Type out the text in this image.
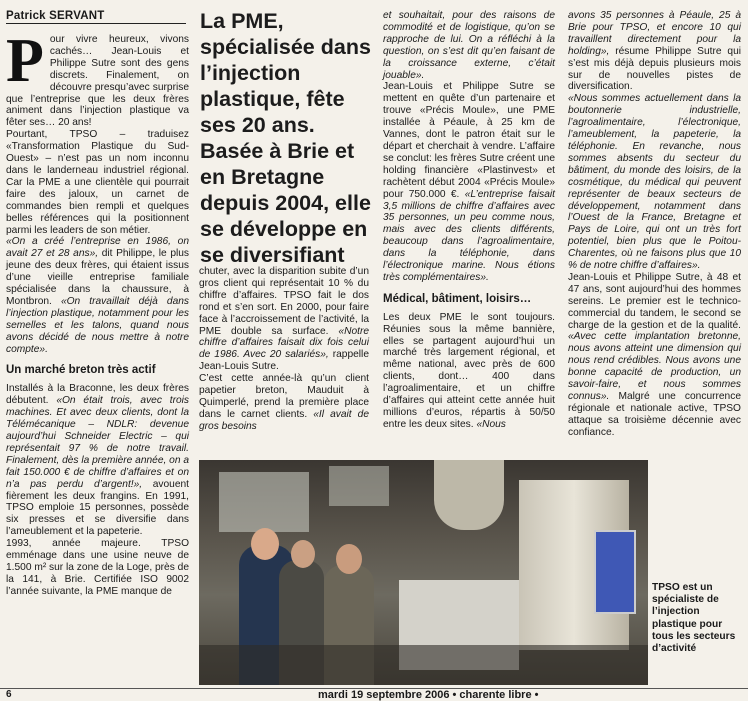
Patrick SERVANT	La PME, spécialisée dans l’injection plastique, fête ses 20 ans. Basée à Brie et en Bretagne depuis 2004, elle se développe en se diversifiant
P our vivre heureux, vivons cachés… Jean-Louis et Philippe Sutre sont des gens discrets. Finalement, on découvre presqu’avec surprise que l’entreprise que les deux frères animent dans l’injection plastique va fêter ses… 20 ans!

Pourtant, TPSO – traduisez «Transformation Plastique du Sud-Ouest» – n’est pas un nom inconnu dans le landerneau industriel régional. Car la PME a une clientèle qui pourrait faire des jaloux, un carnet de commandes bien rempli et quelques belles références qui la positionnent parmi les leaders de son métier.

«On a créé l’entreprise en 1986, on avait 27 et 28 ans», dit Philippe, le plus jeune des deux frères, qui étaient issus d’une vieille entreprise familiale spécialisée dans la chaussure, à Montbron. «On travaillait déjà dans l’injection plastique, notamment pour les semelles et les talons, quand nous avons décidé de nous mettre à notre compte».

Un marché breton très actif

Installés à la Braconne, les deux frères débutent. «On était trois, avec trois machines. Et avec deux clients, dont la Télémécanique – NDLR: devenue aujourd’hui Schneider Electric – qui représentait 97 % de notre travail. Finalement, dès la première année, on a fait 150.000 € de chiffre d’affaires et on n’a pas perdu d’argent!», avouent fièrement les deux frangins. En 1991, TPSO emploie 15 personnes, possède six presses et se diversifie dans l’ameublement et la papeterie.

1993, année majeure. TPSO emménage dans une usine neuve de 1.500 m² sur la zone de la Loge, près de la 141, à Brie. Certifiée ISO 9002 l’année suivante, la PME manque de

chuter, avec la disparition subite d’un gros client qui représentait 10 % du chiffre d’affaires. TPSO fait le dos rond et s’en sort. En 2000, pour faire face à l’accroissement de l’activité, la PME double sa surface. «Notre chiffre d’affaires faisait dix fois celui de 1986. Avec 20 salariés», rappelle Jean-Louis Sutre.

C’est cette année-là qu’un client papetier breton, Mauduit à Quimperlé, prend la première place dans le carnet clients. «Il avait de gros besoins

et souhaitait, pour des raisons de commodité et de logistique, qu’on se rapproche de lui. On a réfléchi à la question, on s’est dit qu’en faisant de la croissance externe, c’était jouable».

Jean-Louis et Philippe Sutre se mettent en quête d’un partenaire et trouve «Précis Moule», une PME installée à Péaule, à 25 km de Vannes, dont le patron était sur le départ et cherchait à vendre. L’affaire se conclut: les frères Sutre créent une holding financière «Plastinvest» et rachètent début 2004 «Précis Moule» pour 750.000 €. «L’entreprise faisait 3,5 millions de chiffre d’affaires avec 35 personnes, un peu comme nous, mais avec des clients différents, beaucoup dans l’agroalimentaire, dans la téléphonie, dans l’électronique marine. Nous étions très complémentaires».

Médical, bâtiment, loisirs…

Les deux PME le sont toujours. Réunies sous la même bannière, elles se partagent aujourd’hui un marché très largement régional, et même national, avec près de 600 clients, dont… 400 dans l’agroalimentaire, et un chiffre d’affaires qui atteint cette année huit millions d’euros, répartis à 50/50 entre les deux sites. «Nous

avons 35 personnes à Péaule, 25 à Brie pour TPSO, et encore 10 qui travaillent directement pour la holding», résume Philippe Sutre qui s’est mis déjà depuis plusieurs mois sur de nouvelles pistes de diversification.

«Nous sommes actuellement dans la boutonnerie industrielle, l’agroalimentaire, l’électronique, l’ameublement, la papeterie, la téléphonie. En revanche, nous sommes absents du secteur du bâtiment, du monde des loisirs, de la cosmétique, du médical qui peuvent représenter de beaux secteurs de développement, notamment dans l’Ouest de la France, Bretagne et Pays de Loire, qui ont un très fort potentiel, bien plus que le Poitou-Charentes, où ne faisons plus que 10 % de notre chiffre d’affaires».

Jean-Louis et Philippe Sutre, à 48 et 47 ans, sont aujourd’hui des hommes sereins. Le premier est le technico-commercial du tandem, le second se charge de la gestion et de la qualité. «Avec cette implantation bretonne, nous avons atteint une dimension qui nous rend crédibles. Nous avons une bonne capacité de production, un savoir-faire, et nous sommes connus». Malgré une concurrence régionale et nationale active, TPSO attaque sa troisième décennie avec confiance.

TPSO est un spécialiste de l’injection plastique pour tous les secteurs d’activité
6	mardi 19 septembre 2006 • charente libre •
